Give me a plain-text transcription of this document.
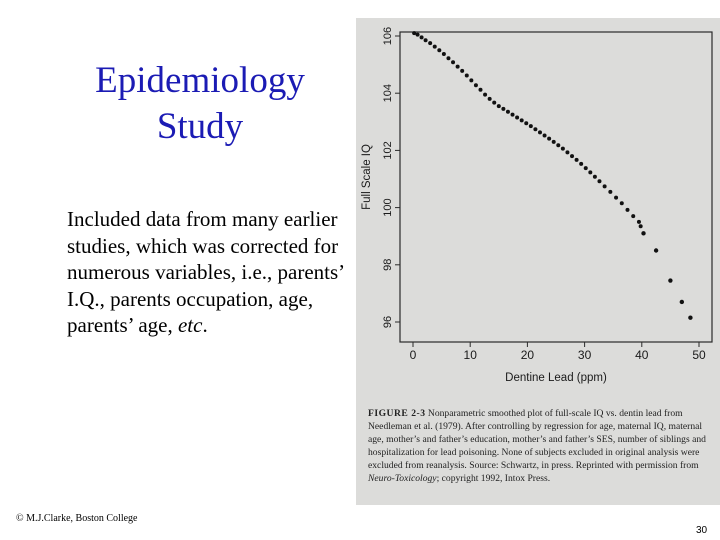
Epidemiology
Study
Included data from many earlier studies, which was corrected for numerous variables, i.e., parents’ I.Q., parents occupation, age, parents’ age, etc.
0	10	20	30	40	50
96
98
100
102
104
106
Dentine Lead (ppm)
Full Scale IQ
FIGURE 2-3 Nonparametric smoothed plot of full-scale IQ vs. dentin lead from Needleman et al. (1979). After controlling by regression for age, maternal IQ, maternal age, mother’s and father’s education, mother’s and father’s SES, number of siblings and hospitalization for lead poisoning. None of subjects excluded in original analysis were excluded from reanalysis. Source: Schwartz, in press. Reprinted with permission from Neuro-Toxicology; copyright 1992, Intox Press.
© M.J.Clarke, Boston College
30
